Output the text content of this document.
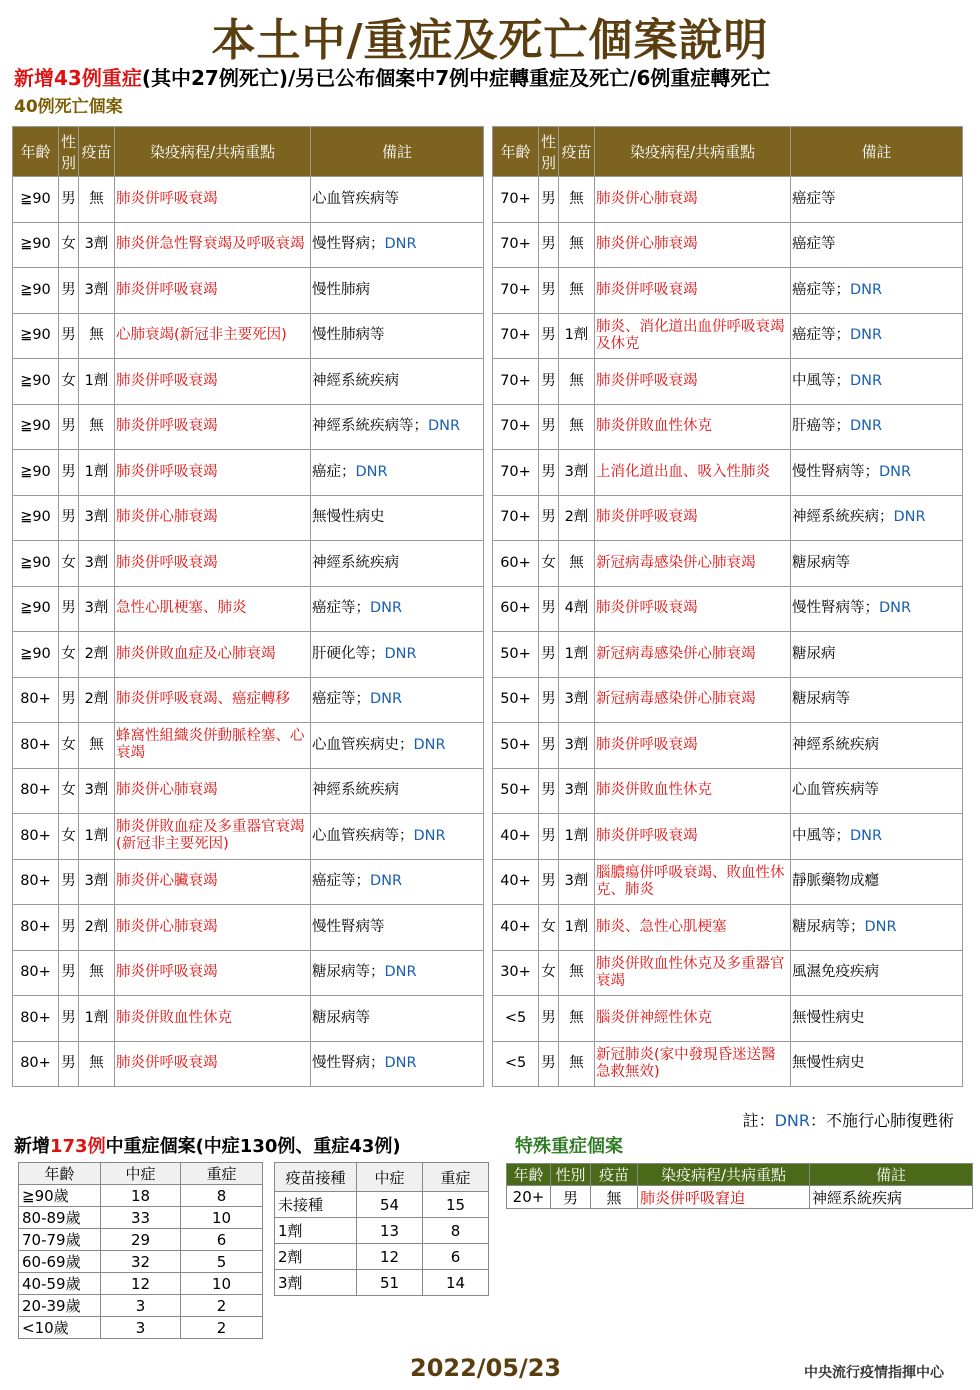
本土中/重症及死亡個案說明
新增43例重症(其中27例死亡)/另已公布個案中7例中症轉重症及死亡/6例重症轉死亡
40例死亡個案
年齡	性別	疫苗	染疫病程/共病重點	備註
≧90	男	無	肺炎併呼吸衰竭	心血管疾病等
≧90	女	3劑	肺炎併急性腎衰竭及呼吸衰竭	慢性腎病；DNR
≧90	男	3劑	肺炎併呼吸衰竭	慢性肺病
≧90	男	無	心肺衰竭(新冠非主要死因)	慢性肺病等
≧90	女	1劑	肺炎併呼吸衰竭	神經系統疾病
≧90	男	無	肺炎併呼吸衰竭	神經系統疾病等；DNR
≧90	男	1劑	肺炎併呼吸衰竭	癌症；DNR
≧90	男	3劑	肺炎併心肺衰竭	無慢性病史
≧90	女	3劑	肺炎併呼吸衰竭	神經系統疾病
≧90	男	3劑	急性心肌梗塞、肺炎	癌症等；DNR
≧90	女	2劑	肺炎併敗血症及心肺衰竭	肝硬化等；DNR
80+	男	2劑	肺炎併呼吸衰竭、癌症轉移	癌症等；DNR
80+	女	無	蜂窩性組織炎併動脈栓塞、心衰竭	心血管疾病史；DNR
80+	女	3劑	肺炎併心肺衰竭	神經系統疾病
80+	女	1劑	肺炎併敗血症及多重器官衰竭(新冠非主要死因)	心血管疾病等；DNR
80+	男	3劑	肺炎併心臟衰竭	癌症等；DNR
80+	男	2劑	肺炎併心肺衰竭	慢性腎病等
80+	男	無	肺炎併呼吸衰竭	糖尿病等；DNR
80+	男	1劑	肺炎併敗血性休克	糖尿病等
80+	男	無	肺炎併呼吸衰竭	慢性腎病；DNR
年齡	性別	疫苗	染疫病程/共病重點	備註
70+	男	無	肺炎併心肺衰竭	癌症等
70+	男	無	肺炎併心肺衰竭	癌症等
70+	男	無	肺炎併呼吸衰竭	癌症等；DNR
70+	男	1劑	肺炎、消化道出血併呼吸衰竭及休克	癌症等；DNR
70+	男	無	肺炎併呼吸衰竭	中風等；DNR
70+	男	無	肺炎併敗血性休克	肝癌等；DNR
70+	男	3劑	上消化道出血、吸入性肺炎	慢性腎病等；DNR
70+	男	2劑	肺炎併呼吸衰竭	神經系統疾病；DNR
60+	女	無	新冠病毒感染併心肺衰竭	糖尿病等
60+	男	4劑	肺炎併呼吸衰竭	慢性腎病等；DNR
50+	男	1劑	新冠病毒感染併心肺衰竭	糖尿病
50+	男	3劑	新冠病毒感染併心肺衰竭	糖尿病等
50+	男	3劑	肺炎併呼吸衰竭	神經系統疾病
50+	男	3劑	肺炎併敗血性休克	心血管疾病等
40+	男	1劑	肺炎併呼吸衰竭	中風等；DNR
40+	男	3劑	腦膿瘍併呼吸衰竭、敗血性休克、肺炎	靜脈藥物成癮
40+	女	1劑	肺炎、急性心肌梗塞	糖尿病等；DNR
30+	女	無	肺炎併敗血性休克及多重器官衰竭	風濕免疫疾病
<5	男	無	腦炎併神經性休克	無慢性病史
<5	男	無	新冠肺炎(家中發現昏迷送醫急救無效)	無慢性病史
註：DNR：不施行心肺復甦術
新增173例中重症個案(中症130例、重症43例)	特殊重症個案
年齡	中症	重症
≧90歲	18	8
80-89歲	33	10
70-79歲	29	6
60-69歲	32	5
40-59歲	12	10
20-39歲	3	2
<10歲	3	2
疫苗接種	中症	重症
未接種	54	15
1劑	13	8
2劑	12	6
3劑	51	14
年齡	性別	疫苗	染疫病程/共病重點	備註
20+	男	無	肺炎併呼吸窘迫	神經系統疾病
2022/05/23	中央流行疫情指揮中心
